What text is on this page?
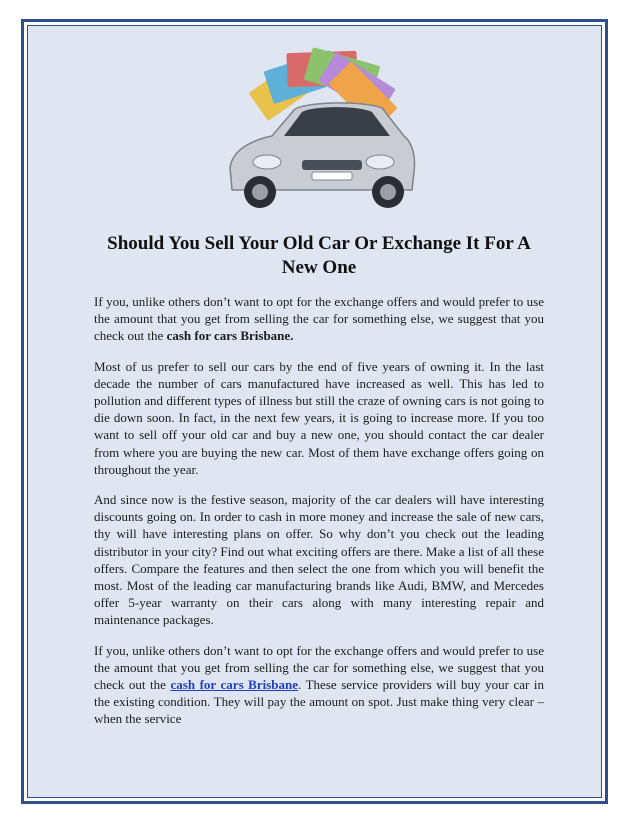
Should You Sell Your Old Car Or Exchange It For A New One

If you, unlike others don’t want to opt for the exchange offers and would prefer to use the amount that you get from selling the car for something else, we suggest that you check out the cash for cars Brisbane.

Most of us prefer to sell our cars by the end of five years of owning it. In the last decade the number of cars manufactured have increased as well. This has led to pollution and different types of illness but still the craze of owning cars is not going to die down soon. In fact, in the next few years, it is going to increase more. If you too want to sell off your old car and buy a new one, you should contact the car dealer from where you are buying the new car. Most of them have exchange offers going on throughout the year.

And since now is the festive season, majority of the car dealers will have interesting discounts going on. In order to cash in more money and increase the sale of new cars, thy will have interesting plans on offer. So why don’t you check out the leading distributor in your city? Find out what exciting offers are there. Make a list of all these offers. Compare the features and then select the one from which you will benefit the most. Most of the leading car manufacturing brands like Audi, BMW, and Mercedes offer 5-year warranty on their cars along with many interesting repair and maintenance packages.

If you, unlike others don’t want to opt for the exchange offers and would prefer to use the amount that you get from selling the car for something else, we suggest that you check out the cash for cars Brisbane. These service providers will buy your car in the existing condition. They will pay the amount on spot. Just make thing very clear – when the service
